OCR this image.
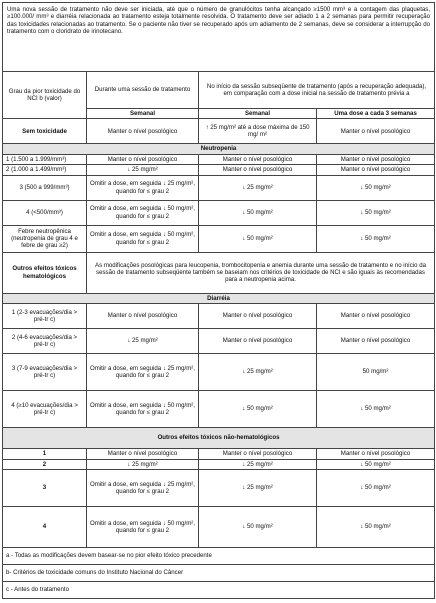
Uma nova sessão de tratamento não deve ser iniciada, até que o número de granulócitos tenha alcançado ≥1500 mm³ e a contagem das plaquetas, ≥100.000/ mm³ e diarréia relacionada ao tratamento esteja totalmente resolvida. O tratamento deve ser adiado 1 a 2 semanas para permitir recuperação das toxicidades relacionadas ao tratamento. Se o paciente não tiver se recuperado após um adiamento de 2 semanas, deve se considerar a interrupção do tratamento com o cloridrato de irinotecano.			
Grau da pior toxicidade do NCI b (valor)	Durante uma sessão de tratamento	No início da sessão subseqüente de tratamento (após a recuperação adequada), em comparação com a dose inicial na sessão de tratamento prévia a	
	Semanal	Semanal	Uma dose a cada 3 semanas
Sem toxicidade	Manter o nível posológico	↑ 25 mg/m² até a dose máxima de 150 mg/ m²	Manter o nível posológico
Neutropenia			
1 (1.500 a 1.999/mm³)	Manter o nível posológico	Manter o nível posológico	Manter o nível posológico
2 (1.000 a 1.499/mm³)	↓ 25 mg/m²	Manter o nível posológico	Manter o nível posológico
3 (500 a 999/mm³)	Omitir a dose, em seguida ↓ 25 mg/m², quando for ≤ grau 2	↓ 25 mg/m²	↓ 50 mg/m²
4 (<500/mm³)	Omitir a dose, em seguida ↓ 50 mg/m², quando for ≤ grau 2	↓ 50 mg/m²	↓ 50 mg/m²
Febre neutropênica (neutropenia de grau 4 e febre de grau ≥2)	Omitir a dose, em seguida ↓ 50 mg/m², quando for ≤ grau 2	↓ 50 mg/m²	↓ 50 mg/m²
Outros efeitos tóxicos hematológicos	As modificações posológicas para leucopenia, trombocitopenia e anemia durante uma sessão de tratamento e no início da sessão de tratamento subseqüente também se baseiam nos critérios de toxicidade de NCI e são iguais às recomendadas para a neutropenia acima.		
Diarréia			
1 (2-3 evacuações/dia > pré-tr c)	Manter o nível posológico	Manter o nível posológico	Manter o nível posológico
2 (4-6 evacuações/dia > pré-tr c)	↓ 25 mg/m²	Manter o nível posológico	Manter o nível posológico
3 (7-9 evacuações/dia > pré-tr c)	Omitir a dose, em seguida ↓ 25 mg/m², quando for ≤ grau 2	↓ 25 mg/m²	50 mg/m²
4 (≥10 evacuações/dia > pré-tr c)	Omitir a dose, em seguida ↓ 50 mg/m², quando for ≤ grau 2	↓ 50 mg/m²	↓ 50 mg/m²
Outros efeitos tóxicos não-hematológicos			
1	Manter o nível posológico	Manter o nível posológico	Manter o nível posológico
2	↓ 25 mg/m²	↓ 25 mg/m²	↓ 50 mg/m²
3	Omitir a dose, em seguida ↓ 25 mg/m², quando for ≤ grau 2	↓ 25 mg/m²	↓ 50 mg/m²
4	Omitir a dose, em seguida ↓ 50 mg/m², quando for ≤ grau 2	↓ 50 mg/m²	↓ 50 mg/m²
a - Todas as modificações devem basear-se no pior efeito tóxico precedente			
b- Critérios de toxicidade comuns do Instituto Nacional do Câncer			
c - Antes do tratamento			
